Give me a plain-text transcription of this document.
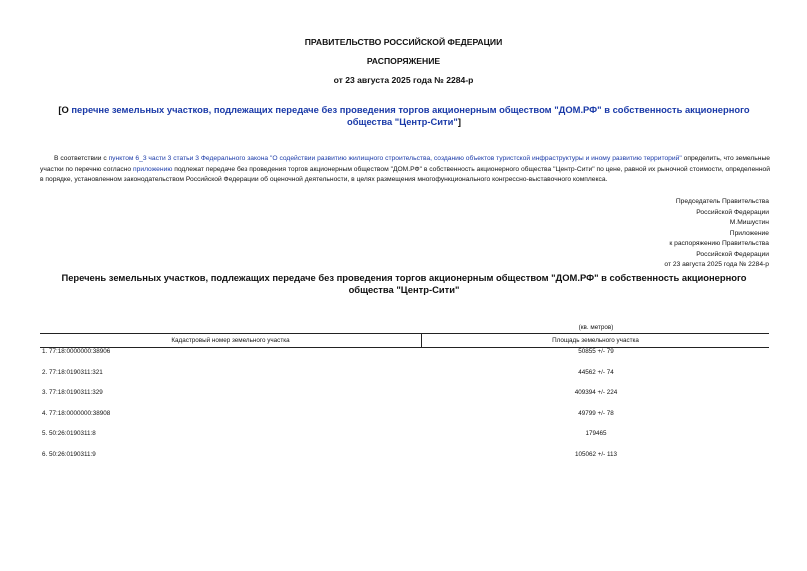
ПРАВИТЕЛЬСТВО РОССИЙСКОЙ ФЕДЕРАЦИИ
РАСПОРЯЖЕНИЕ
от 23 августа 2025 года № 2284-р
[О перечне земельных участков, подлежащих передаче без проведения торгов акционерным обществом "ДОМ.РФ" в собственность акционерного общества "Центр-Сити"]
В соответствии с пунктом 6_3 части 3 статьи 3 Федерального закона "О содействии развитию жилищного строительства, созданию объектов туристской инфраструктуры и иному развитию территорий" определить, что земельные участки по перечню согласно приложению подлежат передаче без проведения торгов акционерным обществом "ДОМ.РФ" в собственность акционерного общества "Центр-Сити" по цене, равной их рыночной стоимости, определенной в порядке, установленном законодательством Российской Федерации об оценочной деятельности, в целях размещения многофункционального конгрессно-выставочного комплекса.
Председатель Правительства
Российской Федерации
М.Мишустин
Приложение
к распоряжению Правительства
Российской Федерации
от 23 августа 2025 года № 2284-р
Перечень земельных участков, подлежащих передаче без проведения торгов акционерным обществом "ДОМ.РФ" в собственность акционерного общества "Центр-Сити"
(кв. метров)
Кадастровый номер земельного участка	Площадь земельного участка
1. 77:18:0000000:38906	50855 +/- 79
2. 77:18:0190311:321	44562 +/- 74
3. 77:18:0190311:329	409394 +/- 224
4. 77:18:0000000:38908	49799 +/- 78
5. 50:26:0190311:8	179465
6. 50:26:0190311:9	105062 +/- 113
